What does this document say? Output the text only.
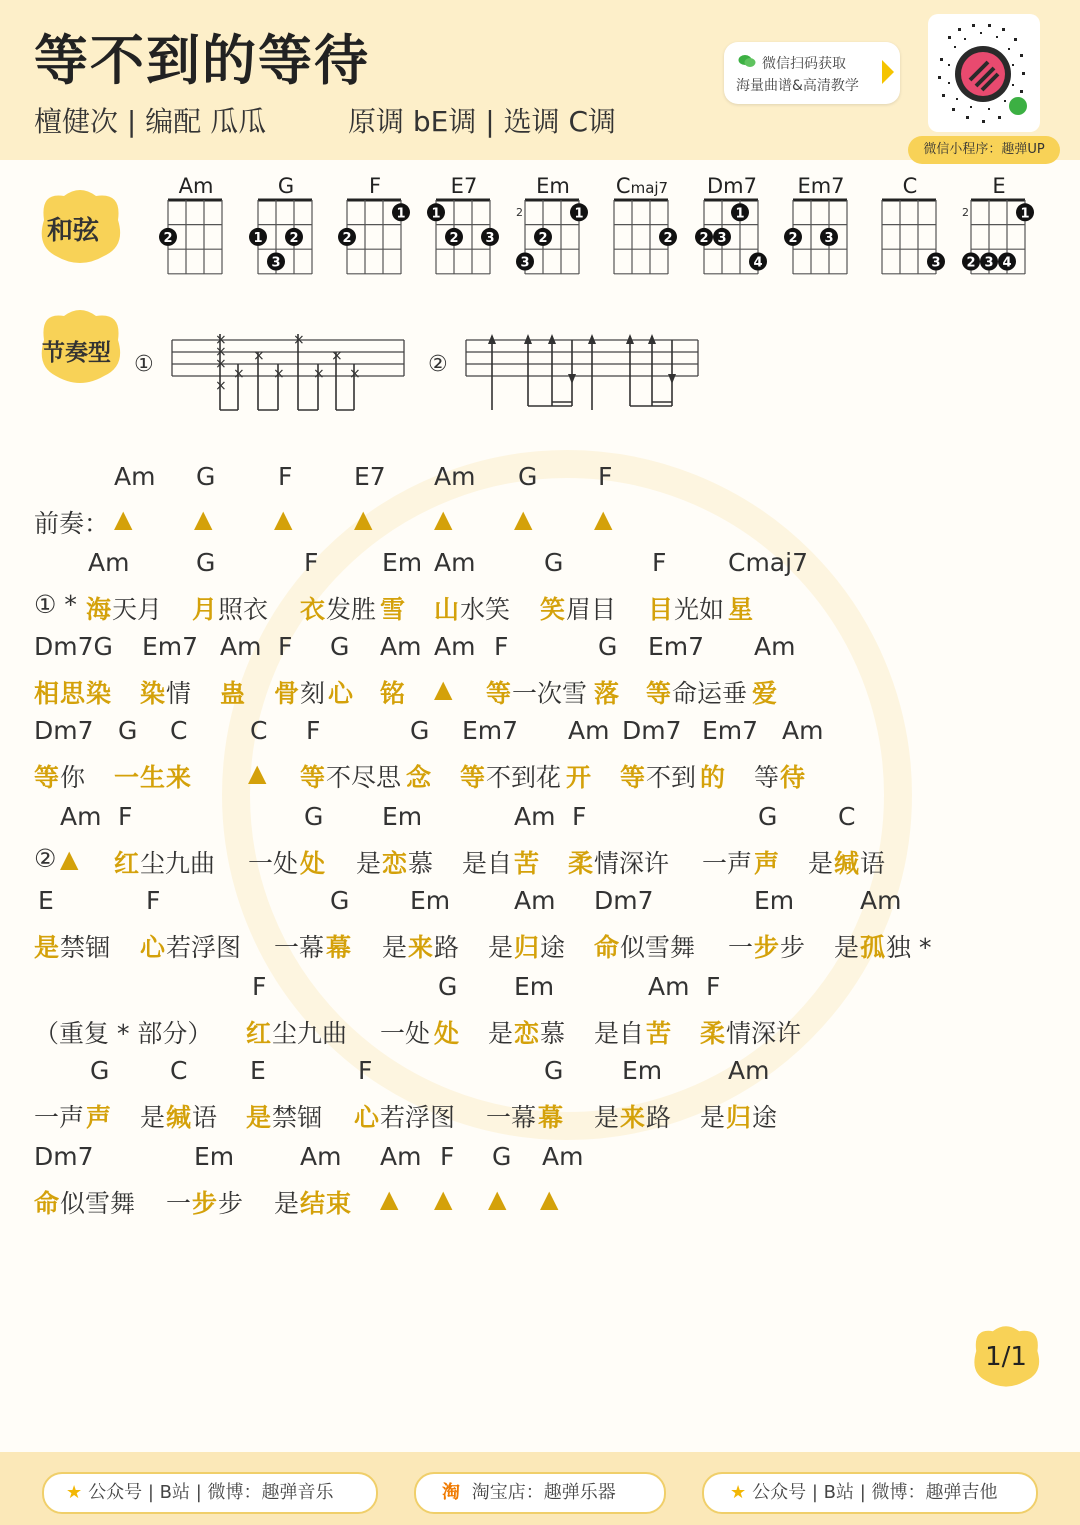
等不到的等待
檀健次 | 编配 瓜瓜	原调 bE调 | 选调 C调
微信扫码获取
海量曲谱&高清教学
微信小程序：趣弹UP
和弦
Am
2
G
1 2
3
F
2
1
E7
1
2 3
Em
2
3
2
1
Cmaj7
2
Dm7
2 3
1
4
Em7
2 3
C
3
E
2
2 3 4
1
节奏型 ①
×
×
×
×
×
×
×
×
×
×
×	②
Am G	F E7 Am G F
前奏： ▲	▲	▲	▲	▲	▲	▲
Am	G	F	Em Am	G	F Cmaj7
① * 海 天月 月 照衣 衣 发胜 雪 山 水笑 笑 眉目 目 光如 星
Dm7G Em7 Am F G Am Am F	G Em7 Am
相 思 染 染 情 蛊 骨 刻 心 铭	等 一次雪 落 等 命运垂 爱
▲
Dm7 G C	C F	G Em7 Am Dm7 Em7 Am
等 你 一 生 来	等 不尽思 念 等 不到花 开 等 不到 的 等 待
▲
Am F	G Em	Am F	G C
② 红 尘九曲 一处 处 是 恋 慕 是自 苦 柔 情深许 一声 声 是 缄 语
▲
E	F	G Em	Am Dm7	Em	Am
是 禁锢 心 若浮图 一幕 幕 是 来 路 是 归 途 命 似雪舞 一 步 步 是 孤 独 *
F	G Em	Am F
（重复 * 部分） 红 尘九曲 一处 处 是 恋 慕 是自 苦 柔 情深许
G C	E	F	G Em	Am
一声 声 是 缄 语 是 禁锢 心 若浮图 一幕 幕 是 来 路 是 归 途
Dm7	Em	Am Am F G Am
命 似雪舞 一 步 步 是 结 束 ▲ ▲ ▲ ▲
1/1
★ 公众号 | B站 | 微博：趣弹音乐	淘 淘宝店：趣弹乐器	★ 公众号 | B站 | 微博：趣弹吉他
